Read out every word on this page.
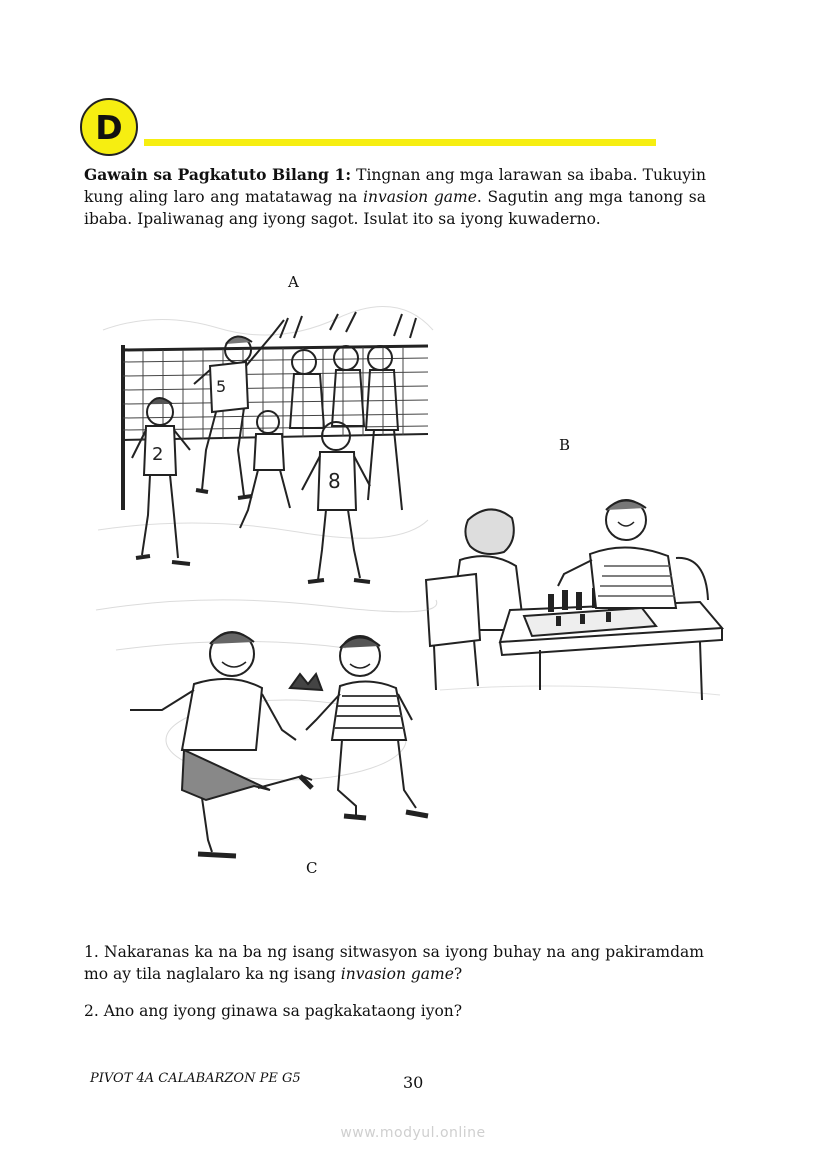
D

Gawain sa Pagkatuto Bilang 1: Tingnan ang mga larawan sa ibaba. Tukuyin kung aling laro ang matatawag na invasion game. Sagutin ang mga tanong sa ibaba. Ipaliwanag ang iyong sagot. Isulat ito sa iyong kuwaderno.

A
2
5
8
B
C

1. Nakaranas ka na ba ng isang sitwasyon sa iyong buhay na ang pakiramdam mo ay tila naglalaro ka ng isang invasion game?

2. Ano ang iyong ginawa sa pagkakataong iyon?

PIVOT 4A CALABARZON PE G5	30
www.modyul.online
